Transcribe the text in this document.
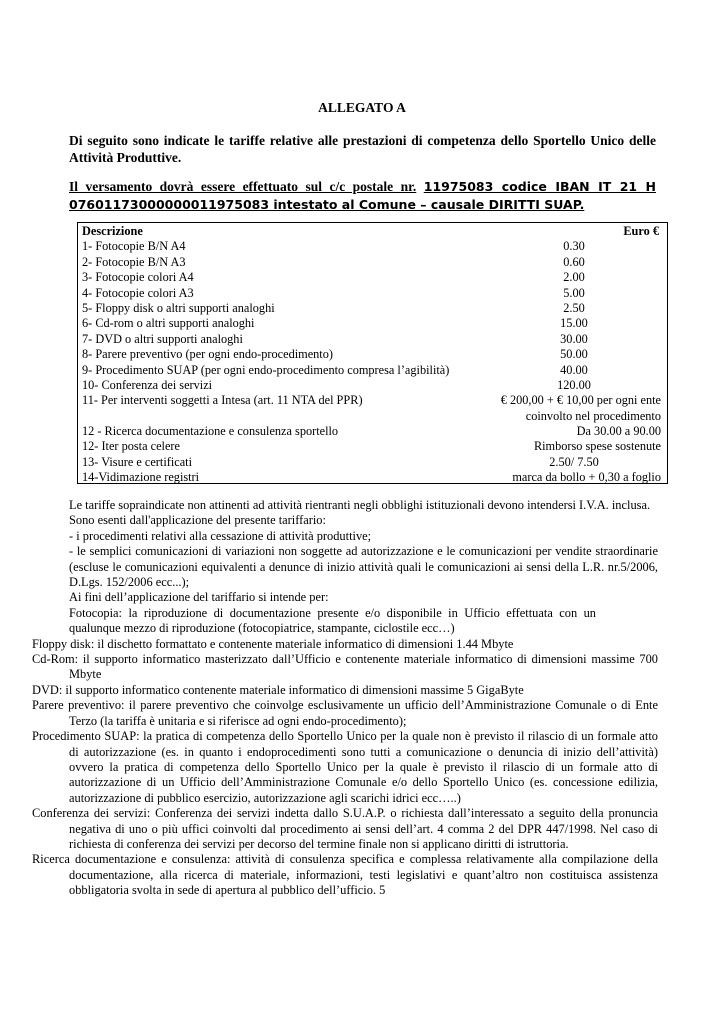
ALLEGATO A
Di seguito sono indicate le tariffe relative alle prestazioni di competenza dello Sportello Unico delle Attività Produttive.
Il versamento dovrà essere effettuato sul c/c postale nr. 11975083 codice IBAN IT 21 H 07601173000000011975083 intestato al Comune – causale DIRITTI SUAP.
Descrizione	Euro €
1- Fotocopie B/N A4	0.30
2- Fotocopie B/N A3	0.60
3- Fotocopie colori A4	2.00
4- Fotocopie colori A3	5.00
5- Floppy disk o altri supporti analoghi	2.50
6- Cd-rom o altri supporti analoghi	15.00
7- DVD o altri supporti analoghi	30.00
8- Parere preventivo (per ogni endo-procedimento)	50.00
9- Procedimento SUAP (per ogni endo-procedimento compresa l’agibilità)	40.00
10- Conferenza dei servizi	120.00
11- Per interventi soggetti a Intesa (art. 11 NTA del PPR)	€ 200,00 + € 10,00 per ogni ente
coinvolto nel procedimento
12 - Ricerca documentazione e consulenza sportello	Da 30.00 a 90.00
12- Iter posta celere	Rimborso spese sostenute
13- Visure e certificati	2.50/ 7.50
14-Vidimazione registri	marca da bollo + 0,30 a foglio
Le tariffe sopraindicate non attinenti ad attività rientranti negli obblighi istituzionali devono intendersi I.V.A. inclusa.
Sono esenti dall'applicazione del presente tariffario:
- i procedimenti relativi alla cessazione di attività produttive;
- le semplici comunicazioni di variazioni non soggette ad autorizzazione e le comunicazioni per vendite straordinarie (escluse le comunicazioni equivalenti a denunce di inizio attività quali le comunicazioni ai sensi della L.R. nr.5/2006, D.Lgs. 152/2006 ecc...);
Ai fini dell’applicazione del tariffario si intende per:
Fotocopia: la riproduzione di documentazione presente e/o disponibile in Ufficio effettuata con un qualunque mezzo di riproduzione (fotocopiatrice, stampante, ciclostile ecc…)
Floppy disk: il dischetto formattato e contenente materiale informatico di dimensioni 1.44 Mbyte
Cd-Rom: il supporto informatico masterizzato dall’Ufficio e contenente materiale informatico di dimensioni massime 700 Mbyte
DVD: il supporto informatico contenente materiale informatico di dimensioni massime 5 GigaByte
Parere preventivo: il parere preventivo che coinvolge esclusivamente un ufficio dell’Amministrazione Comunale o di Ente Terzo (la tariffa è unitaria e si riferisce ad ogni endo-procedimento);
Procedimento SUAP: la pratica di competenza dello Sportello Unico per la quale non è previsto il rilascio di un formale atto di autorizzazione (es. in quanto i endoprocedimenti sono tutti a comunicazione o denuncia di inizio dell’attività) ovvero la pratica di competenza dello Sportello Unico per la quale è previsto il rilascio di un formale atto di autorizzazione di un Ufficio dell’Amministrazione Comunale e/o dello Sportello Unico (es. concessione edilizia, autorizzazione di pubblico esercizio, autorizzazione agli scarichi idrici ecc…..)
Conferenza dei servizi: Conferenza dei servizi indetta dallo S.U.A.P. o richiesta dall’interessato a seguito della pronuncia negativa di uno o più uffici coinvolti dal procedimento ai sensi dell’art. 4 comma 2 del DPR 447/1998. Nel caso di richiesta di conferenza dei servizi per decorso del termine finale non si applicano diritti di istruttoria.
Ricerca documentazione e consulenza: attività di consulenza specifica e complessa relativamente alla compilazione della documentazione, alla ricerca di materiale, informazioni, testi legislativi e quant’altro non costituisca assistenza obbligatoria svolta in sede di apertura al pubblico dell’ufficio. 5
